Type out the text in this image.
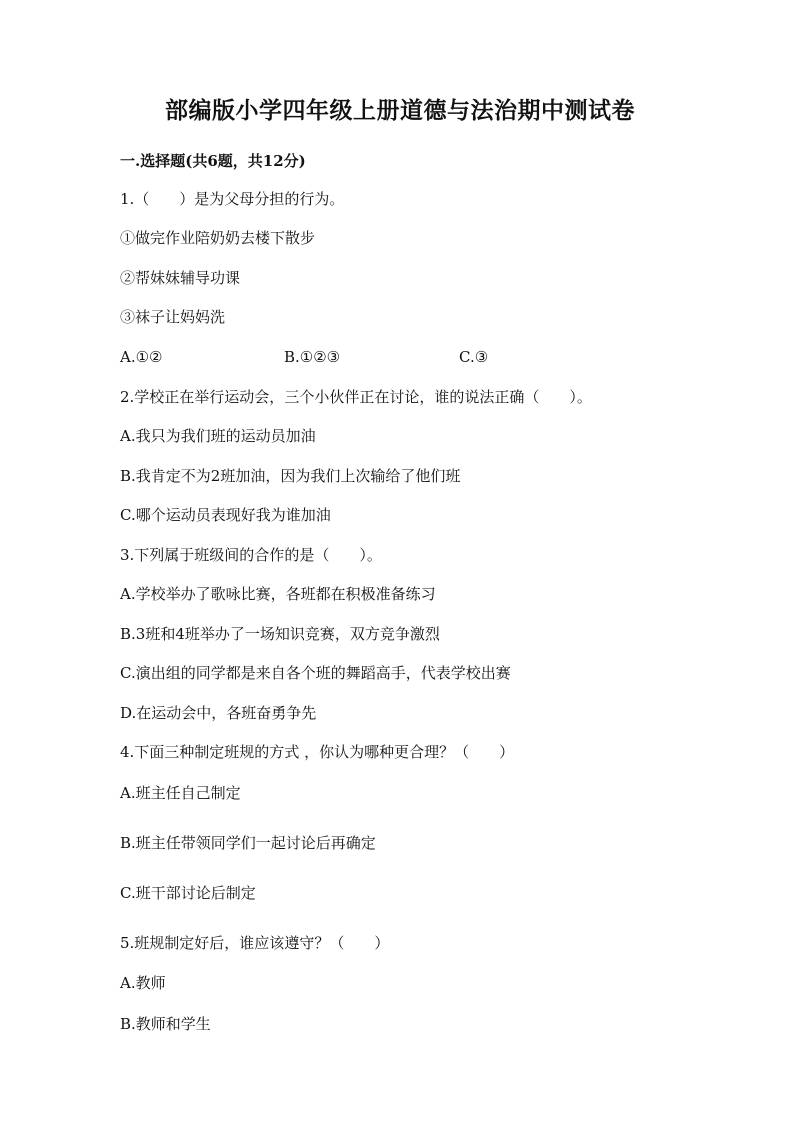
部编版小学四年级上册道德与法治期中测试卷
一.选择题(共6题，共12分)
1.（　　）是为父母分担的行为。
①做完作业陪奶奶去楼下散步
②帮妹妹辅导功课
③袜子让妈妈洗
A.①②	B.①②③	C.③
2.学校正在举行运动会，三个小伙伴正在讨论，谁的说法正确（　　）。
A.我只为我们班的运动员加油
B.我肯定不为2班加油，因为我们上次输给了他们班
C.哪个运动员表现好我为谁加油
3.下列属于班级间的合作的是（　　）。
A.学校举办了歌咏比赛，各班都在积极准备练习
B.3班和4班举办了一场知识竞赛，双方竞争激烈
C.演出组的同学都是来自各个班的舞蹈高手，代表学校出赛
D.在运动会中，各班奋勇争先
4.下面三种制定班规的方式 ，你认为哪种更合理？（　　）
A.班主任自己制定
B.班主任带领同学们一起讨论后再确定
C.班干部讨论后制定
5.班规制定好后，谁应该遵守？（　　）
A.教师
B.教师和学生
